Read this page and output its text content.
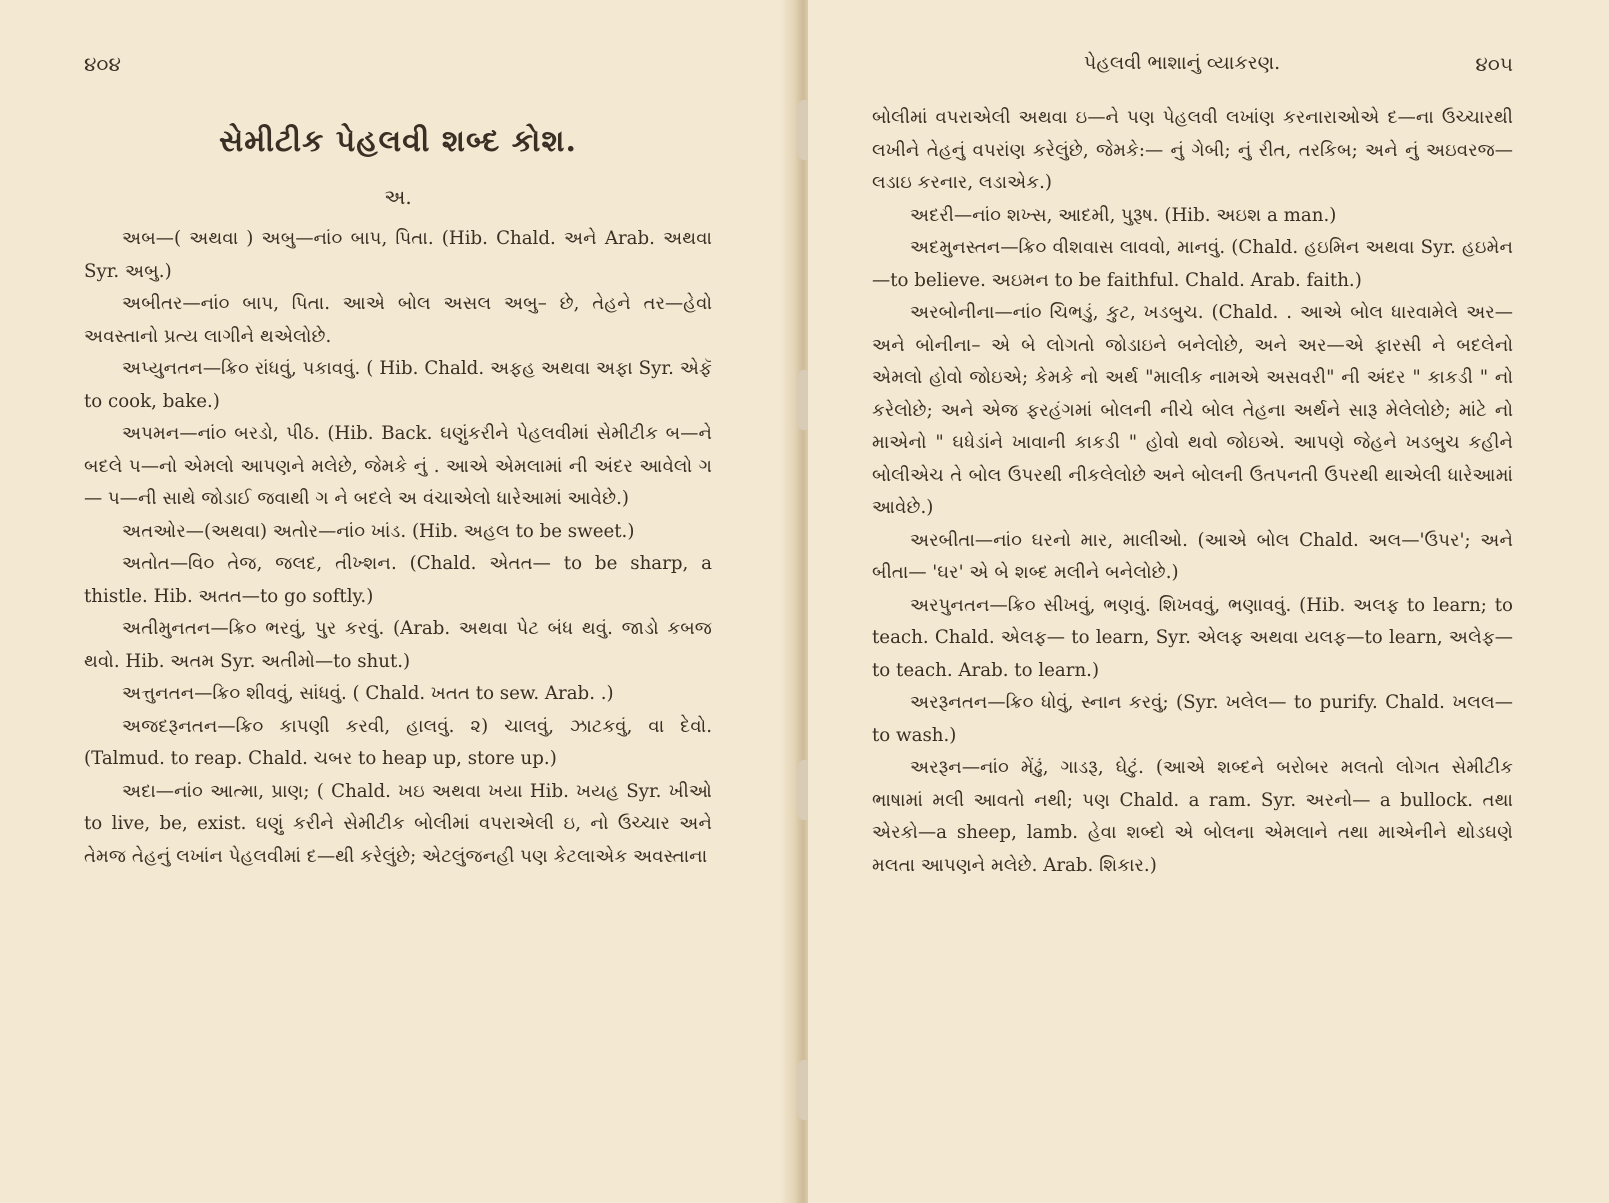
૪૦૪
સેમીટીક પેહલવી શબ્દ કોશ.
અ.

અબ—( અથવા ) અબુ—નાં૦ બાપ, પિતા. (Hib. Chald. અને Arab. અથવા Syr. અબુ.)

અબીતર—નાં૦ બાપ, પિતા. આએ બોલ અસલ અબુ– છે, તેહને તર—હેવો અવસ્તાનો પ્રત્ય લાગીને થએલોછે.

અપ્યુનતન—ક્રિ૦ રાંધવું, પકાવવું. ( Hib. Chald. અફહ અથવા અફા Syr. એફૅ to cook, bake.)

અપમન—નાં૦ બરડો, પીઠ. (Hib. Back. ઘણુંકરીને પેહલવીમાં સેમીટીક બ—ને બદલે પ—નો એમલો આપણને મલેછે, જેમકે નું . આએ એમલામાં ની અંદર આવેલો ગ— પ—ની સાથે જોડાઈ જવાથી ગ ને બદલે અ વંચાએલો ધારેઆમાં આવેછે.)

અતઓર—(અથવા) અતોર—નાં૦ ખાંડ. (Hib. અહલ to be sweet.)

અતોત—વિ૦ તેજ, જલદ, તીખ્શન. (Chald. એતત— to be sharp, a thistle. Hib. અતત—to go softly.)

અતીમુનતન—ક્રિ૦ ભરવું, પુર કરવું. (Arab. અથવા પેટ બંધ થવું. જાડો કબજ થવો. Hib. અતમ Syr. અતીમો—to shut.)

અત્તુનતન—ક્રિ૦ શીવવું, સાંધવું. ( Chald. ખતત to sew. Arab. .)

અજદરૂનતન—ક્રિ૦ કાપણી કરવી, હાલવું. ૨) ચાલવું, ઝાટકવું, વા દેવો. (Talmud. to reap. Chald. ચબર to heap up, store up.)

અદા—નાં૦ આત્મા, પ્રાણ; ( Chald. ખઇ અથવા ખયા Hib. ખયહ Syr. ખીઓ to live, be, exist. ઘણું કરીને સેમીટીક બોલીમાં વપરાએલી ઇ, નો ઉચ્ચાર અને તેમજ તેહનું લખાંન પેહલવીમાં દ—થી કરેલુંછે; એટલુંજનહી પણ કેટલાએક અવસ્તાના

પેહલવી ભાશાનું વ્યાકરણ.	૪૦૫

બોલીમાં વપરાએલી અથવા ઇ—ને પણ પેહલવી લખાંણ કરનારાઓએ દ—ના ઉચ્ચારથી લખીને તેહનું વપરાંણ કરેલુંછે, જેમકે:— નું ગેબી; નું રીત, તરકિબ; અને નું અઇવરજ—લડાઇ કરનાર, લડાએક.)

અદરી—નાં૦ શખ્સ, આદમી, પુરૂષ. (Hib. અઇશ a man.)

અદમુનસ્તન—ક્રિ૦ વીશવાસ લાવવો, માનવું. (Chald. હઇમિન અથવા Syr. હઇમેન—to believe. અઇમન to be faithful. Chald. Arab. faith.)

અરબોનીના—નાં૦ ચિભડું, કુટ, ખડબુચ. (Chald. . આએ બોલ ધારવામેલે અર—અને બોનીના– એ બે લોગતો જોડાઇને બનેલોછે, અને અર—એ ફારસી ને બદલેનો એમલો હોવો જોઇએ; કેમકે નો અર્થ "માલીક નામએ અસવરી" ની અંદર " કાકડી " નો કરેલોછે; અને એજ ફરહંગમાં બોલની નીચે બોલ તેહના અર્થને સારૂ મેલેલોછે; માંટે નો માએનો " ઘધેડાંને ખાવાની કાકડી " હોવો થવો જોઇએ. આપણે જેહને ખડબુચ કહીને બોલીએચ તે બોલ ઉપરથી નીકલેલોછે અને બોલની ઉતપનતી ઉપરથી થાએલી ધારેઆમાં આવેછે.)

અરબીતા—નાં૦ ઘરનો માર, માલીઓ. (આએ બોલ Chald. અલ—'ઉપર'; અને બીતા— 'ઘર' એ બે શબ્દ મલીને બનેલોછે.)

અરપુનતન—ક્રિ૦ સીખવું, ભણવું. શિખવવું, ભણાવવું. (Hib. અલફ to learn; to teach. Chald. એલફ— to learn, Syr. એલફ અથવા યલફ—to learn, અલેફ— to teach. Arab. to learn.)

અરરૂનતન—ક્રિ૦ ધોવું, સ્નાન કરવું; (Syr. ખલેલ— to purify. Chald. ખલલ—to wash.)

અરરૂન—નાં૦ મેંઢું, ગાડરૂ, ઘેટું. (આએ શબ્દને બરોબર મલતો લોગત સેમીટીક ભાષામાં મલી આવતો નથી; પણ Chald. a ram. Syr. અરનો— a bullock. તથા એરકો—a sheep, lamb. હેવા શબ્દો એ બોલના એમલાને તથા માએનીને થોડઘણે મલતા આપણને મલેછે. Arab. શિકાર.)
